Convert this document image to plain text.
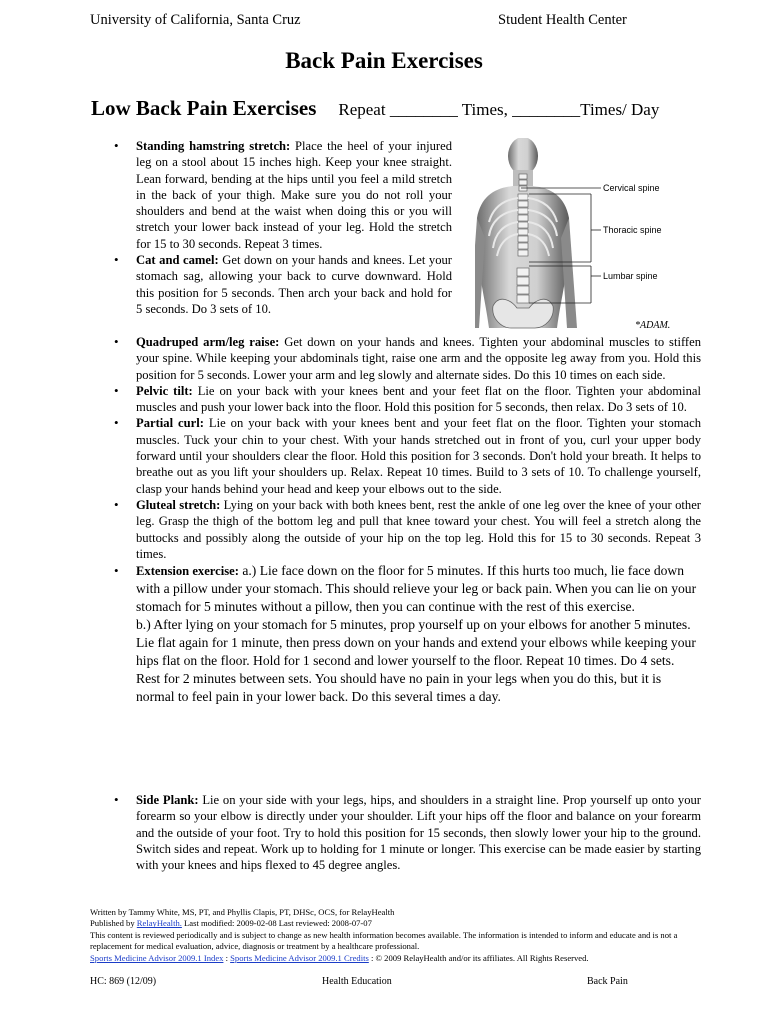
University of California, Santa Cruz	Student Health Center
Back Pain Exercises
Low Back Pain Exercises Repeat ________ Times, ________Times/ Day
Cervical spine
Thoracic spine
Lumbar spine
*ADAM.
• Standing hamstring stretch: Place the heel of your injured leg on a stool about 15 inches high. Keep your knee straight. Lean forward, bending at the hips until you feel a mild stretch in the back of your thigh. Make sure you do not roll your shoulders and bend at the waist when doing this or you will stretch your lower back instead of your leg. Hold the stretch for 15 to 30 seconds. Repeat 3 times.
• Cat and camel: Get down on your hands and knees. Let your stomach sag, allowing your back to curve downward. Hold this position for 5 seconds. Then arch your back and hold for 5 seconds. Do 3 sets of 10.
• Quadruped arm/leg raise: Get down on your hands and knees. Tighten your abdominal muscles to stiffen your spine. While keeping your abdominals tight, raise one arm and the opposite leg away from you. Hold this position for 5 seconds. Lower your arm and leg slowly and alternate sides. Do this 10 times on each side.
• Pelvic tilt: Lie on your back with your knees bent and your feet flat on the floor. Tighten your abdominal muscles and push your lower back into the floor. Hold this position for 5 seconds, then relax. Do 3 sets of 10.
• Partial curl: Lie on your back with your knees bent and your feet flat on the floor. Tighten your stomach muscles. Tuck your chin to your chest. With your hands stretched out in front of you, curl your upper body forward until your shoulders clear the floor. Hold this position for 3 seconds. Don't hold your breath. It helps to breathe out as you lift your shoulders up. Relax. Repeat 10 times. Build to 3 sets of 10. To challenge yourself, clasp your hands behind your head and keep your elbows out to the side.
• Gluteal stretch: Lying on your back with both knees bent, rest the ankle of one leg over the knee of your other leg. Grasp the thigh of the bottom leg and pull that knee toward your chest. You will feel a stretch along the buttocks and possibly along the outside of your hip on the top leg. Hold this for 15 to 30 seconds. Repeat 3 times.
• Extension exercise: a.) Lie face down on the floor for 5 minutes. If this hurts too much, lie face down with a pillow under your stomach. This should relieve your leg or back pain. When you can lie on your stomach for 5 minutes without a pillow, then you can continue with the rest of this exercise.
b.) After lying on your stomach for 5 minutes, prop yourself up on your elbows for another 5 minutes. Lie flat again for 1 minute, then press down on your hands and extend your elbows while keeping your hips flat on the floor. Hold for 1 second and lower yourself to the floor. Repeat 10 times. Do 4 sets. Rest for 2 minutes between sets. You should have no pain in your legs when you do this, but it is normal to feel pain in your lower back. Do this several times a day.
• Side Plank: Lie on your side with your legs, hips, and shoulders in a straight line. Prop yourself up onto your forearm so your elbow is directly under your shoulder. Lift your hips off the floor and balance on your forearm and the outside of your foot. Try to hold this position for 15 seconds, then slowly lower your hip to the ground. Switch sides and repeat. Work up to holding for 1 minute or longer. This exercise can be made easier by starting with your knees and hips flexed to 45 degree angles.
Written by Tammy White, MS, PT, and Phyllis Clapis, PT, DHSc, OCS, for RelayHealth
Published by RelayHealth. Last modified: 2009-02-08 Last reviewed: 2008-07-07
This content is reviewed periodically and is subject to change as new health information becomes available. The information is intended to inform and educate and is not a replacement for medical evaluation, advice, diagnosis or treatment by a healthcare professional.
Sports Medicine Advisor 2009.1 Index : Sports Medicine Advisor 2009.1 Credits : © 2009 RelayHealth and/or its affiliates. All Rights Reserved.
HC: 869 (12/09)	Health Education	Back Pain
